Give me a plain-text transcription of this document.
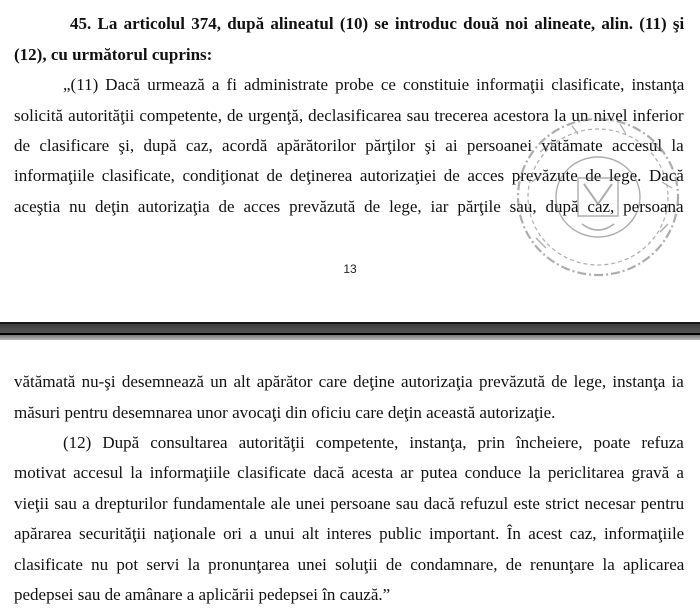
45. La articolul 374, după alineatul (10) se introduc două noi alineate, alin. (11) şi
(12), cu următorul cuprins:
„(11) Dacă urmează a fi administrate probe ce constituie informaţii clasificate, instanţa
solicită autorităţii competente, de urgenţă, declasificarea sau trecerea acestora la un nivel inferior
de clasificare şi, după caz, acordă apărătorilor părţilor şi ai persoanei vătămate accesul la
informaţiile clasificate, condiţionat de deţinerea autorizaţiei de acces prevăzute de lege. Dacă
aceştia nu deţin autorizaţia de acces prevăzută de lege, iar părţile sau, după caz, persoana
13
vătămată nu-şi desemnează un alt apărător care deţine autorizaţia prevăzută de lege, instanţa ia
măsuri pentru desemnarea unor avocaţi din oficiu care deţin această autorizaţie.
(12) După consultarea autorităţii competente, instanţa, prin încheiere, poate refuza
motivat accesul la informaţiile clasificate dacă acesta ar putea conduce la periclitarea gravă a
vieţii sau a drepturilor fundamentale ale unei persoane sau dacă refuzul este strict necesar pentru
apărarea securităţii naţionale ori a unui alt interes public important. În acest caz, informaţiile
clasificate nu pot servi la pronunţarea unei soluţii de condamnare, de renunţare la aplicarea
pedepsei sau de amânare a aplicării pedepsei în cauză.”
